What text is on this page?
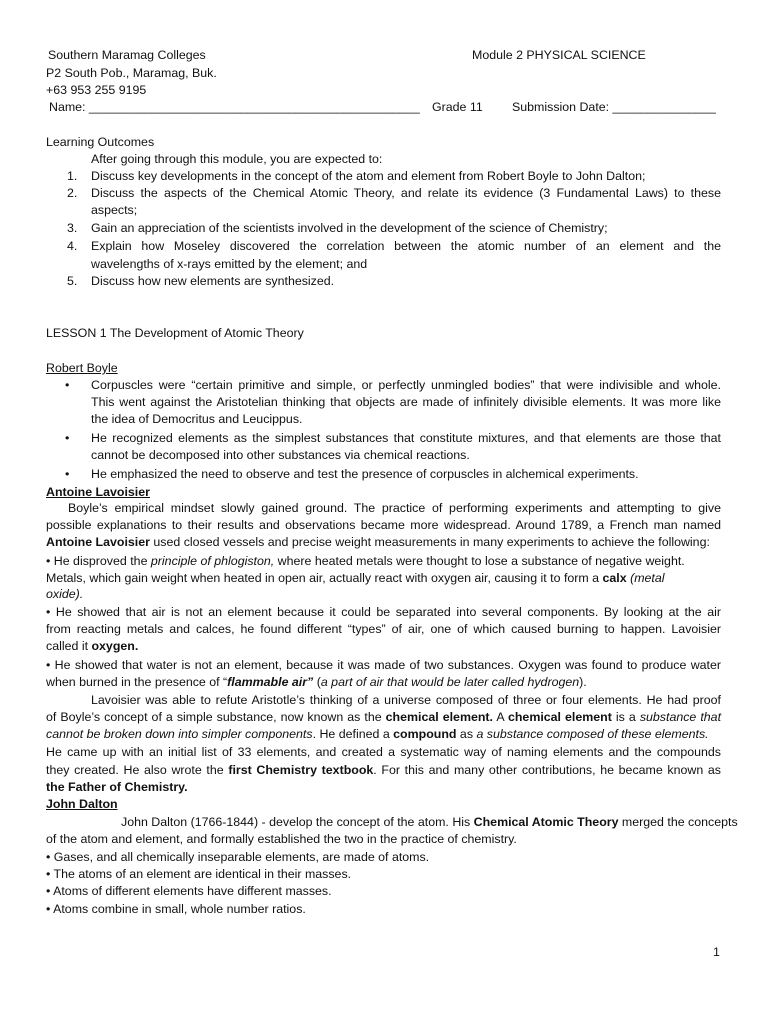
Southern Maramag Colleges	Module 2 PHYSICAL SCIENCE
P2 South Pob., Maramag, Buk.
+63 953 255 9195
Name: ________________________________________________ Grade 11 Submission Date: _______________
Learning Outcomes
After going through this module, you are expected to:
1. Discuss key developments in the concept of the atom and element from Robert Boyle to John Dalton;
2. Discuss the aspects of the Chemical Atomic Theory, and relate its evidence (3 Fundamental Laws) to these
aspects;
3. Gain an appreciation of the scientists involved in the development of the science of Chemistry;
4. Explain how Moseley discovered the correlation between the atomic number of an element and the
wavelengths of x-rays emitted by the element; and
5. Discuss how new elements are synthesized.
LESSON 1 The Development of Atomic Theory
Robert Boyle
• Corpuscles were “certain primitive and simple, or perfectly unmingled bodies” that were indivisible and whole.
This went against the Aristotelian thinking that objects are made of infinitely divisible elements. It was more like
the idea of Democritus and Leucippus.
• He recognized elements as the simplest substances that constitute mixtures, and that elements are those that
cannot be decomposed into other substances via chemical reactions.
• He emphasized the need to observe and test the presence of corpuscles in alchemical experiments.
Antoine Lavoisier
Boyle’s empirical mindset slowly gained ground. The practice of performing experiments and attempting to give
possible explanations to their results and observations became more widespread. Around 1789, a French man named
Antoine Lavoisier used closed vessels and precise weight measurements in many experiments to achieve the following:
• He disproved the principle of phlogiston, where heated metals were thought to lose a substance of negative weight.
Metals, which gain weight when heated in open air, actually react with oxygen air, causing it to form a calx (metal
oxide).
• He showed that air is not an element because it could be separated into several components. By looking at the air
from reacting metals and calces, he found different “types” of air, one of which caused burning to happen. Lavoisier
called it oxygen.
• He showed that water is not an element, because it was made of two substances. Oxygen was found to produce water
when burned in the presence of “flammable air” (a part of air that would be later called hydrogen).
Lavoisier was able to refute Aristotle’s thinking of a universe composed of three or four elements. He had proof
of Boyle’s concept of a simple substance, now known as the chemical element. A chemical element is a substance that
cannot be broken down into simpler components. He defined a compound as a substance composed of these elements.
He came up with an initial list of 33 elements, and created a systematic way of naming elements and the compounds
they created. He also wrote the first Chemistry textbook. For this and many other contributions, he became known as
the Father of Chemistry.
John Dalton
John Dalton (1766-1844) - develop the concept of the atom. His Chemical Atomic Theory merged the concepts
of the atom and element, and formally established the two in the practice of chemistry.
• Gases, and all chemically inseparable elements, are made of atoms.
• The atoms of an element are identical in their masses.
• Atoms of different elements have different masses.
• Atoms combine in small, whole number ratios.
1
